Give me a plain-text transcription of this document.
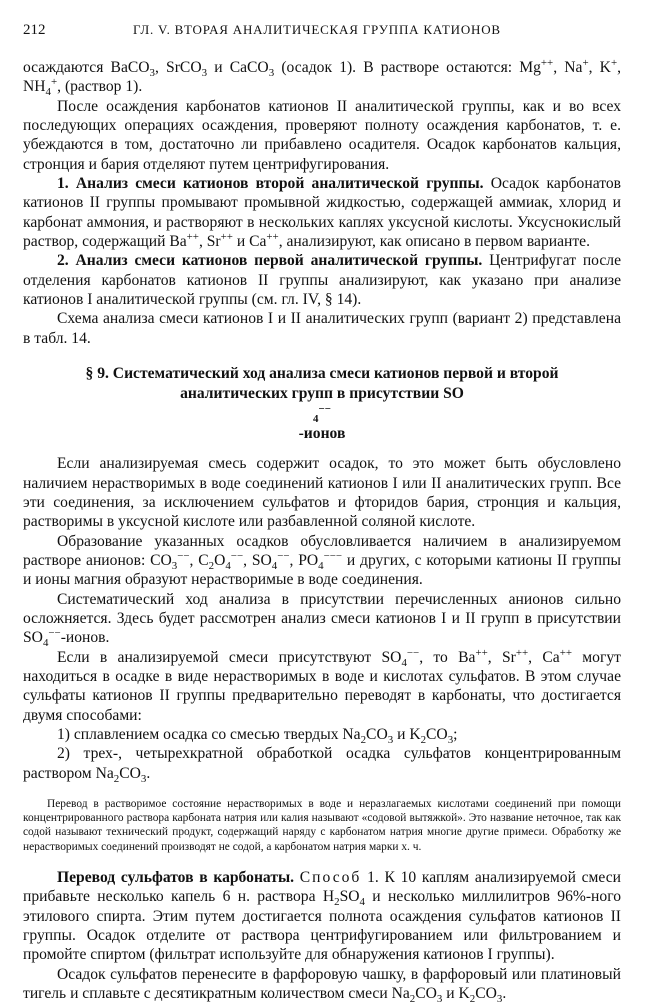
212	ГЛ. V. ВТОРАЯ АНАЛИТИЧЕСКАЯ ГРУППА КАТИОНОВ

осаждаются BaCO$_3$, SrCO$_3$ и CaCO$_3$ (осадок 1). В растворе остаются: Mg++, Na+, K+, $NH_4^+$, (раствор 1).

После осаждения карбонатов катионов II аналитической группы, как и во всех последующих операциях осаждения, проверяют полноту осаждения карбонатов, т. е. убеждаются в том, достаточно ли прибавлено осадителя. Осадок карбонатов кальция, стронция и бария отделяют путем центрифугирования.

1. Анализ смеси катионов второй аналитической группы. Осадок карбонатов катионов II группы промывают промывной жидкостью, содержащей аммиак, хлорид и карбонат аммония, и растворяют в нескольких каплях уксусной кислоты. Уксуснокислый раствор, содержащий Ba++, Sr++ и Ca++, анализируют, как описано в первом варианте.

2. Анализ смеси катионов первой аналитической группы. Центрифугат после отделения карбонатов катионов II группы анализируют, как указано при анализе катионов I аналитической группы (см. гл. IV, § 14).

Схема анализа смеси катионов I и II аналитических групп (вариант 2) представлена в табл. 14.

§ 9. Систематический ход анализа смеси катионов первой и второй
аналитических групп в присутствии SO
$_4$−−
-ионов

Если анализируемая смесь содержит осадок, то это может быть обусловлено наличием нерастворимых в воде соединений катионов I или II аналитических групп. Все эти соединения, за исключением сульфатов и фторидов бария, стронция и кальция, растворимы в уксусной кислоте или разбавленной соляной кислоте.

Образование указанных осадков обусловливается наличием в анализируемом растворе анионов: $CO_3^{--}$, $C_2O_4^{--}$, $SO_4^{--}$, $PO_4^{---}$ и других, с которыми катионы II группы и ионы магния образуют нерастворимые в воде соединения.

Систематический ход анализа в присутствии перечисленных анионов сильно осложняется. Здесь будет рассмотрен анализ смеси катионов I и II групп в присутствии $SO_4^{--}$-ионов.

Если в анализируемой смеси присутствуют $SO_4^{--}$, то Ba++, Sr++, Ca++ могут находиться в осадке в виде нерастворимых в воде и кислотах сульфатов. В этом случае сульфаты катионов II группы предварительно переводят в карбонаты, что достигается двумя способами:

1) сплавлением осадка со смесью твердых $Na_2CO_3$ и $K_2CO_3$;

2) трех-, четырехкратной обработкой осадка сульфатов концентрированным раствором $Na_2CO_3$.

Перевод в растворимое состояние нерастворимых в воде и неразлагаемых кислотами соединений при помощи концентрированного раствора карбоната натрия или калия называют «содовой вытяжкой». Это название неточное, так как содой называют технический продукт, содержащий наряду с карбонатом натрия многие другие примеси. Обработку же нерастворимых соединений производят не содой, а карбонатом натрия марки х. ч.

Перевод сульфатов в карбонаты. Способ 1. К 10 каплям анализируемой смеси прибавьте несколько капель 6 н. раствора $H_2SO_4$ и несколько миллилитров 96%-ного этилового спирта. Этим путем достигается полнота осаждения сульфатов катионов II группы. Осадок отделите от раствора центрифугированием или фильтрованием и промойте спиртом (фильтрат используйте для обнаружения катионов I группы).

Осадок сульфатов перенесите в фарфоровую чашку, в фарфоровый или платиновый тигель и сплавьте с десятикратным количеством смеси $Na_2CO_3$ и $K_2CO_3$.
